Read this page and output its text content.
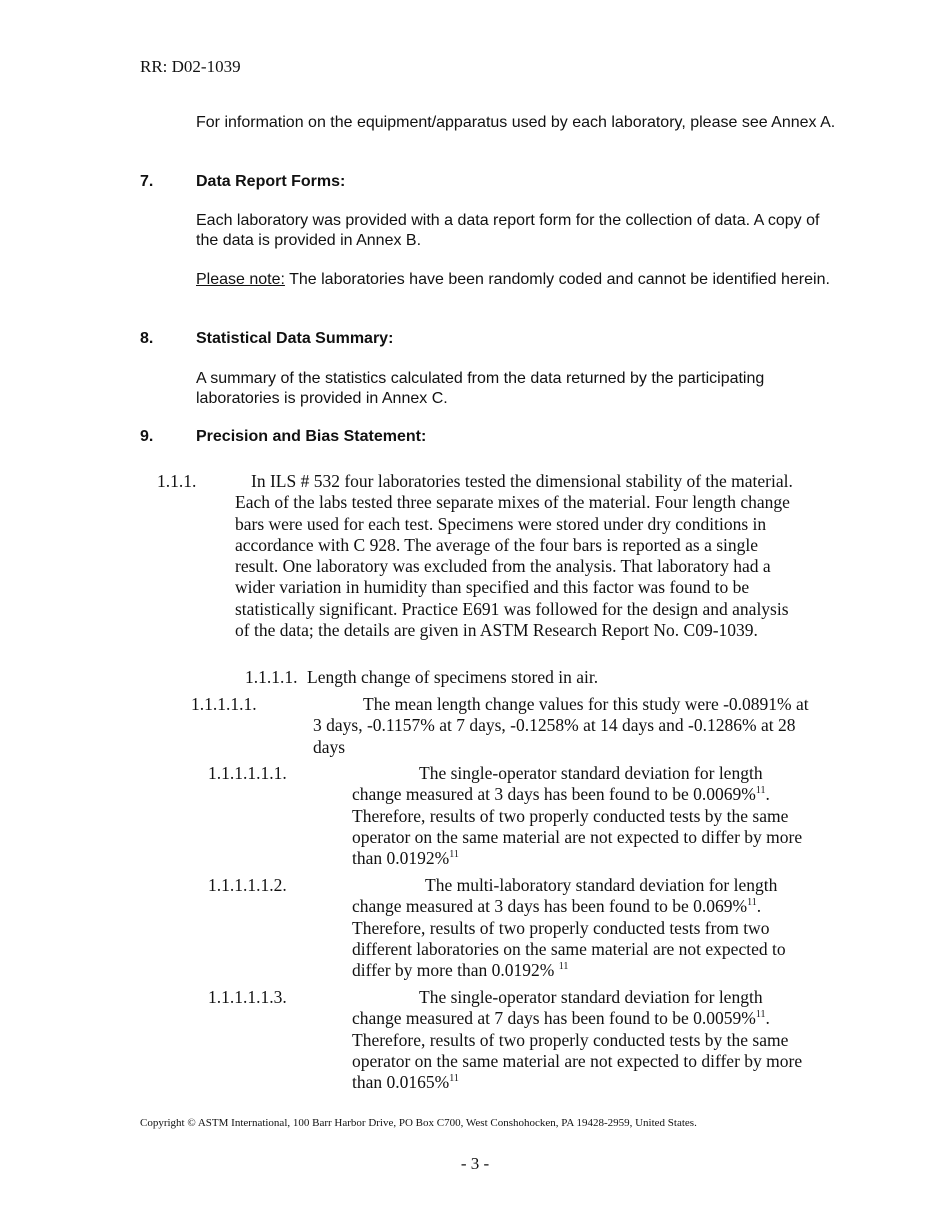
RR: D02-1039
For information on the equipment/apparatus used by each laboratory, please see Annex A.
7.	Data Report Forms:
Each laboratory was provided with a data report form for the collection of data. A copy of the data is provided in Annex B.
Please note: The laboratories have been randomly coded and cannot be identified herein.
8.	Statistical Data Summary:
A summary of the statistics calculated from the data returned by the participating laboratories is provided in Annex C.
9.	Precision and Bias Statement:
1.1.1.	In ILS # 532 four laboratories tested the dimensional stability of the material. Each of the labs tested three separate mixes of the material. Four length change bars were used for each test. Specimens were stored under dry conditions in accordance with C 928. The average of the four bars is reported as a single result. One laboratory was excluded from the analysis. That laboratory had a wider variation in humidity than specified and this factor was found to be statistically significant. Practice E691 was followed for the design and analysis of the data; the details are given in ASTM Research Report No. C09-1039.
1.1.1.1. Length change of specimens stored in air.
1.1.1.1.1.	The mean length change values for this study were -0.0891% at 3 days, -0.1157% at 7 days, -0.1258% at 14 days and -0.1286% at 28 days
1.1.1.1.1.1.	The single-operator standard deviation for length change measured at 3 days has been found to be 0.0069%$^{11}$. Therefore, results of two properly conducted tests by the same operator on the same material are not expected to differ by more than 0.0192%$^{11}$
1.1.1.1.1.2.	The multi-laboratory standard deviation for length change measured at 3 days has been found to be 0.069%$^{11}$. Therefore, results of two properly conducted tests from two different laboratories on the same material are not expected to differ by more than 0.0192% $^{11}$
1.1.1.1.1.3.	The single-operator standard deviation for length change measured at 7 days has been found to be 0.0059%$^{11}$. Therefore, results of two properly conducted tests by the same operator on the same material are not expected to differ by more than 0.0165%$^{11}$
Copyright © ASTM International, 100 Barr Harbor Drive, PO Box C700, West Conshohocken, PA 19428-2959, United States.
- 3 -
